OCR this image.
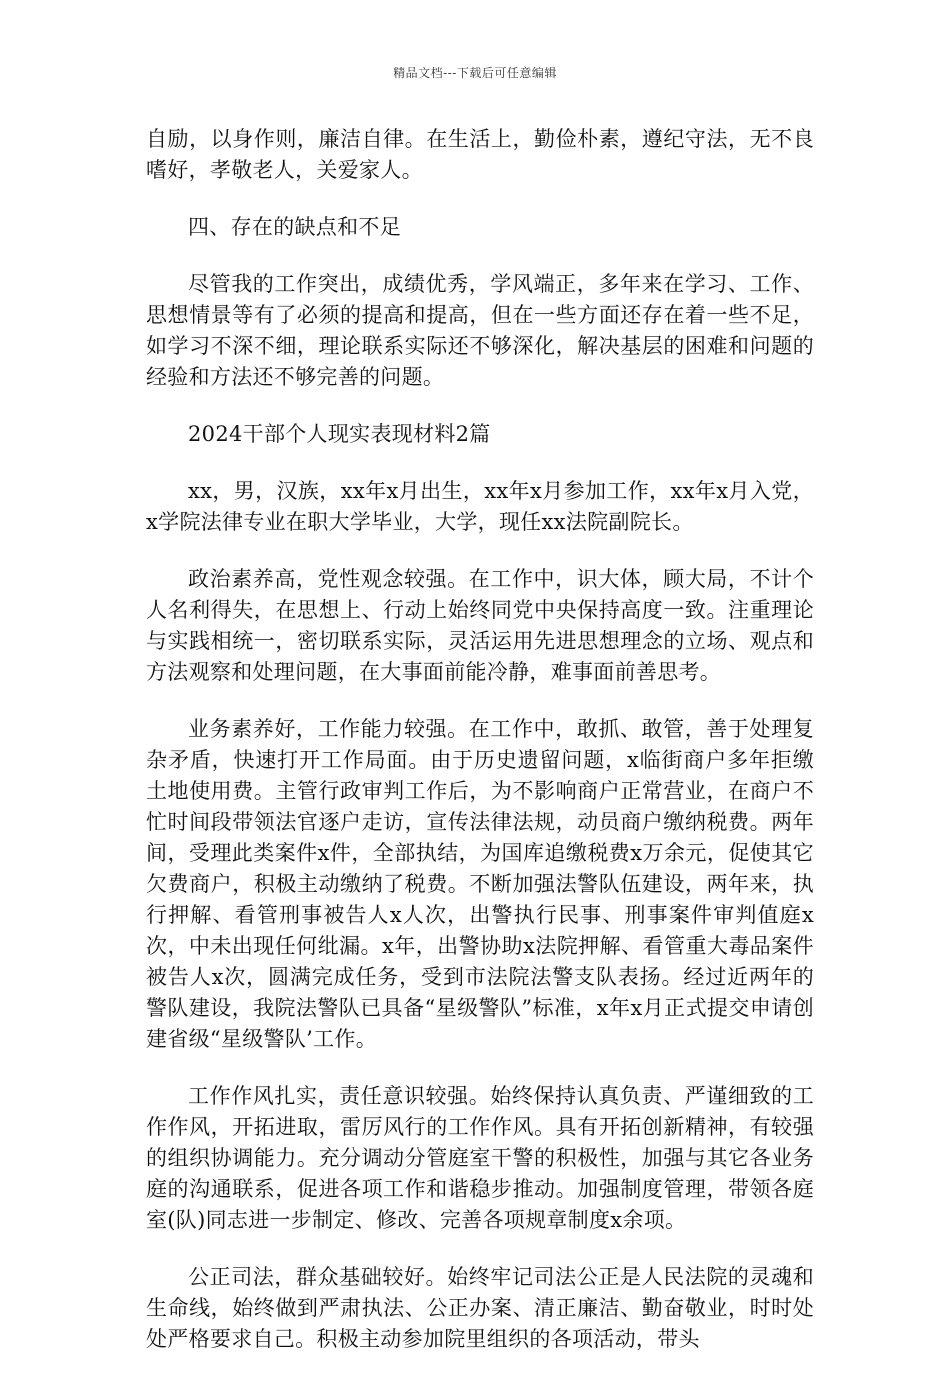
精品文档---下载后可任意编辑

自励，以身作则，廉洁自律。在生活上，勤俭朴素，遵纪守法，无不良嗜好，孝敬老人，关爱家人。

四、存在的缺点和不足

尽管我的工作突出，成绩优秀，学风端正，多年来在学习、工作、思想情景等有了必须的提高和提高，但在一些方面还存在着一些不足，如学习不深不细，理论联系实际还不够深化，解决基层的困难和问题的经验和方法还不够完善的问题。

2024干部个人现实表现材料2篇

xx，男，汉族，xx年x月出生，xx年x月参加工作，xx年x月入党，x学院法律专业在职大学毕业，大学，现任xx法院副院长。

政治素养高，党性观念较强。在工作中，识大体，顾大局，不计个人名利得失，在思想上、行动上始终同党中央保持高度一致。注重理论与实践相统一，密切联系实际，灵活运用先进思想理念的立场、观点和方法观察和处理问题，在大事面前能冷静，难事面前善思考。

业务素养好，工作能力较强。在工作中，敢抓、敢管，善于处理复杂矛盾，快速打开工作局面。由于历史遗留问题，x临街商户多年拒缴土地使用费。主管行政审判工作后，为不影响商户正常营业，在商户不忙时间段带领法官逐户走访，宣传法律法规，动员商户缴纳税费。两年间，受理此类案件x件，全部执结，为国库追缴税费x万余元，促使其它欠费商户，积极主动缴纳了税费。不断加强法警队伍建设，两年来，执行押解、看管刑事被告人x人次，出警执行民事、刑事案件审判值庭x次，中未出现任何纰漏。x年，出警协助x法院押解、看管重大毒品案件被告人x次，圆满完成任务，受到市法院法警支队表扬。经过近两年的警队建设，我院法警队已具备“星级警队”标准，x年x月正式提交申请创建省级“星级警队’工作。

工作作风扎实，责任意识较强。始终保持认真负责、严谨细致的工作作风，开拓进取，雷厉风行的工作作风。具有开拓创新精神，有较强的组织协调能力。充分调动分管庭室干警的积极性，加强与其它各业务庭的沟通联系，促进各项工作和谐稳步推动。加强制度管理，带领各庭室(队)同志进一步制定、修改、完善各项规章制度x余项。

公正司法，群众基础较好。始终牢记司法公正是人民法院的灵魂和生命线，始终做到严肃执法、公正办案、清正廉洁、勤奋敬业，时时处处严格要求自己。积极主动参加院里组织的各项活动，带头
